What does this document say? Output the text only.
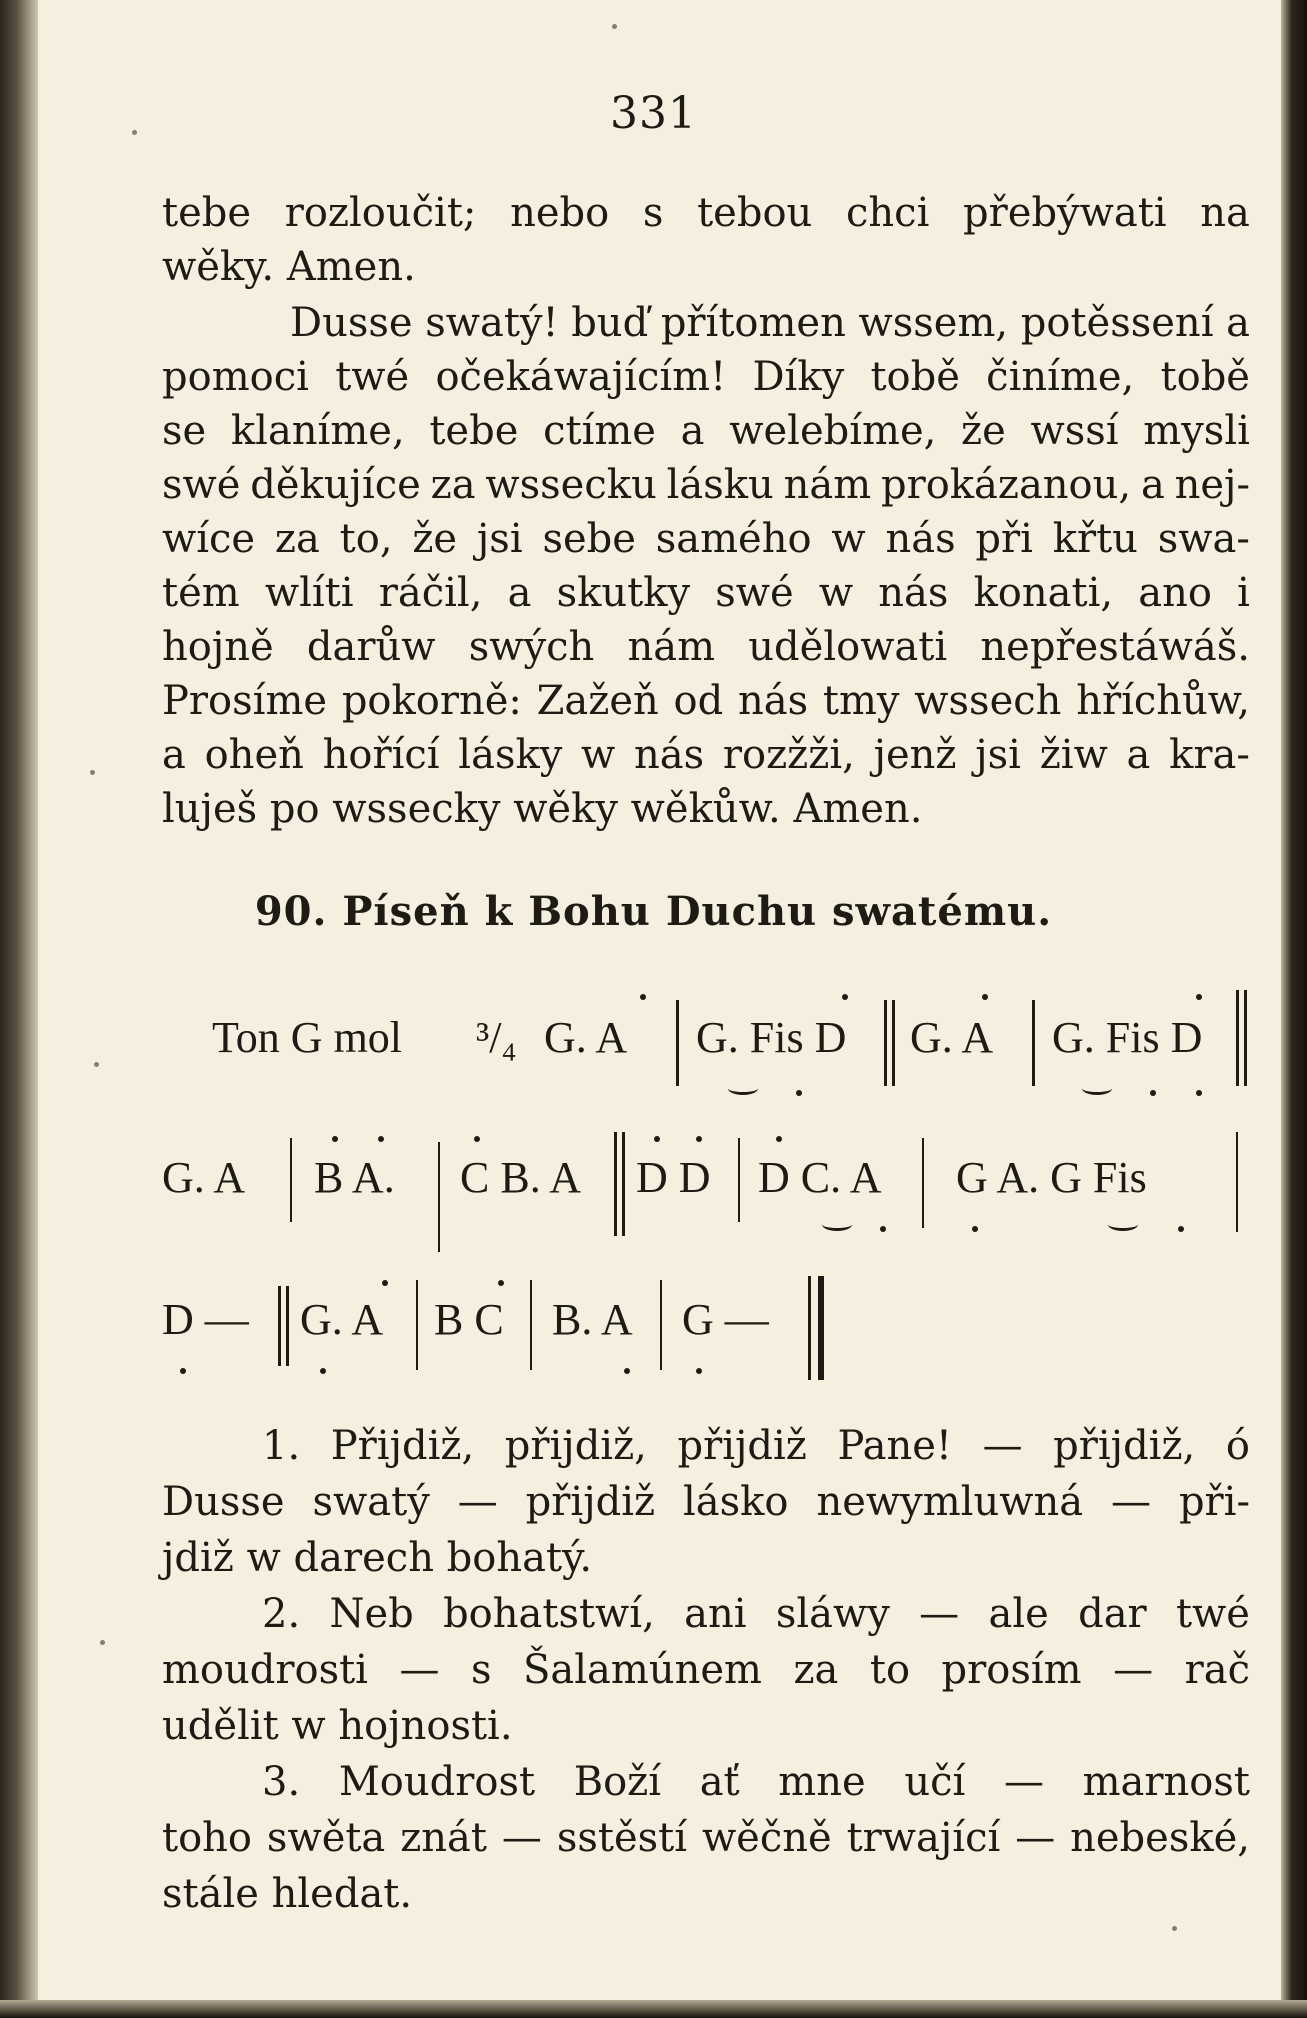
331
tebe rozloučit; nebo s tebou chci přebýwati na
wěky. Amen.
Dusse swatý! buď přítomen wssem, potěssení a
pomoci twé očekáwajícím! Díky tobě činíme, tobě
se klaníme, tebe ctíme a welebíme, že wssí mysli
swé děkujíce za wssecku lásku nám prokázanou, a nej-
wíce za to, že jsi sebe samého w nás při křtu swa-
tém wlíti ráčil, a skutky swé w nás konati, ano i
hojně darůw swých nám udělowati nepřestáwáš.
Prosíme pokorně: Zažeň od nás tmy wssech hříchůw,
a oheň hořící lásky w nás rozžži, jenž jsi žiw a kra-
luješ po wssecky wěky wěkůw. Amen.
90. Píseň k Bohu Duchu swatému.
Ton G mol ³/₄ G. A G. Fis D G. A G. Fis D
G. A B A. C B. A D D D C. A G A. G Fis
D — G. A B C B. A G —
1. Přijdiž, přijdiž, přijdiž Pane! — přijdiž, ó
Dusse swatý — přijdiž lásko newymluwná — při-
jdiž w darech bohatý.
2. Neb bohatstwí, ani sláwy — ale dar twé
moudrosti — s Šalamúnem za to prosím — rač
udělit w hojnosti.
3. Moudrost Boží ať mne učí — marnost
toho swěta znát — sstěstí wěčně trwající — nebeské,
stále hledat.
